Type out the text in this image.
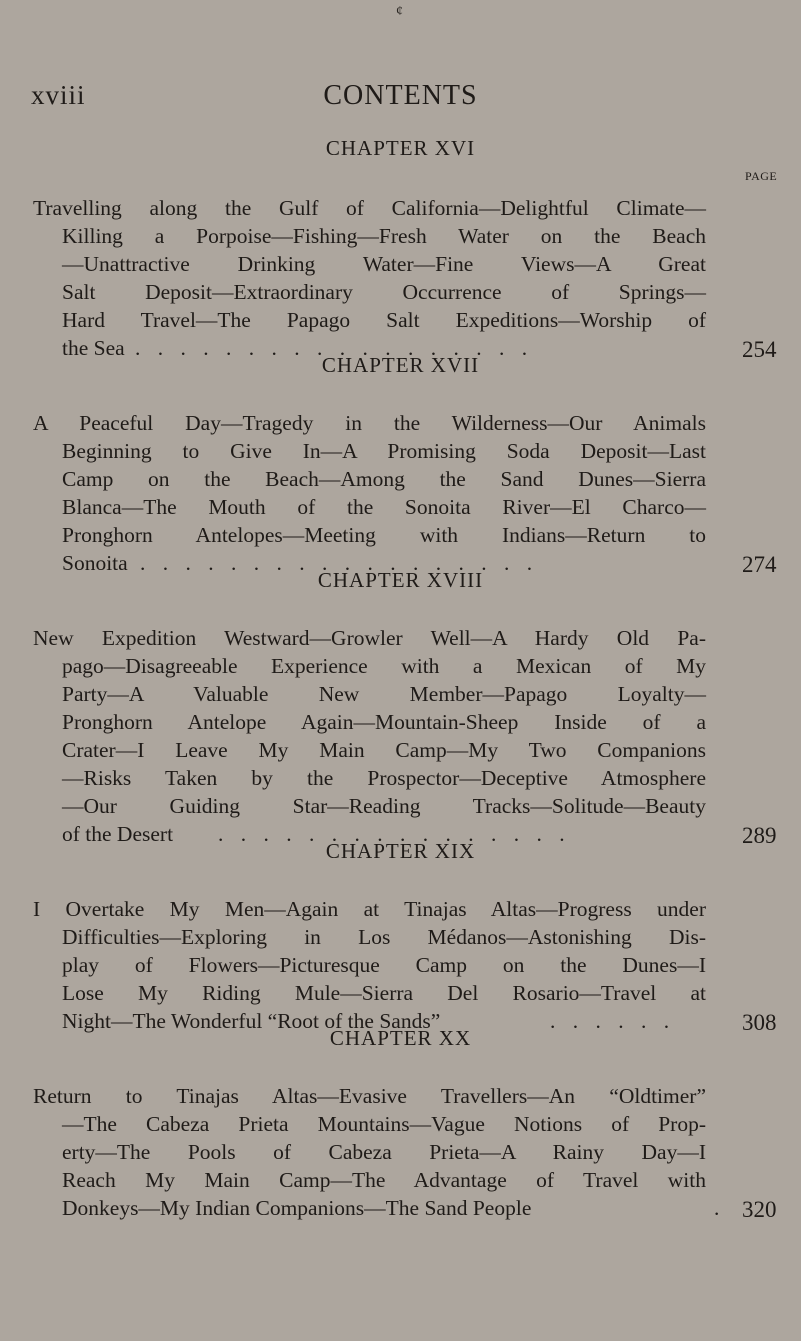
¢
xviii	CONTENTS
PAGE
CHAPTER XVI
Travelling along the Gulf of California—Delightful Climate—
Killing a Porpoise—Fishing—Fresh Water on the Beach
—Unattractive Drinking Water—Fine Views—A Great
Salt Deposit—Extraordinary Occurrence of Springs—
Hard Travel—The Papago Salt Expeditions—Worship of
the Sea . . . . . . . . . . . . . . . . . .	254
CHAPTER XVII
A Peaceful Day—Tragedy in the Wilderness—Our Animals
Beginning to Give In—A Promising Soda Deposit—Last
Camp on the Beach—Among the Sand Dunes—Sierra
Blanca—The Mouth of the Sonoita River—El Charco—
Pronghorn Antelopes—Meeting with Indians—Return to
Sonoita . . . . . . . . . . . . . . . . . .	274
CHAPTER XVIII
New Expedition Westward—Growler Well—A Hardy Old Pa-
pago—Disagreeable Experience with a Mexican of My
Party—A Valuable New Member—Papago Loyalty—
Pronghorn Antelope Again—Mountain-Sheep Inside of a
Crater—I Leave My Main Camp—My Two Companions
—Risks Taken by the Prospector—Deceptive Atmosphere
—Our Guiding Star—Reading Tracks—Solitude—Beauty
of the Desert . . . . . . . . . . . . . . . .	289
CHAPTER XIX
I Overtake My Men—Again at Tinajas Altas—Progress under
Difficulties—Exploring in Los Médanos—Astonishing Dis-
play of Flowers—Picturesque Camp on the Dunes—I
Lose My Riding Mule—Sierra Del Rosario—Travel at
Night—The Wonderful “Root of the Sands”	. . . . . .	308
CHAPTER XX
Return to Tinajas Altas—Evasive Travellers—An “Oldtimer”
—The Cabeza Prieta Mountains—Vague Notions of Prop-
erty—The Pools of Cabeza Prieta—A Rainy Day—I
Reach My Main Camp—The Advantage of Travel with
Donkeys—My Indian Companions—The Sand People	. 320
